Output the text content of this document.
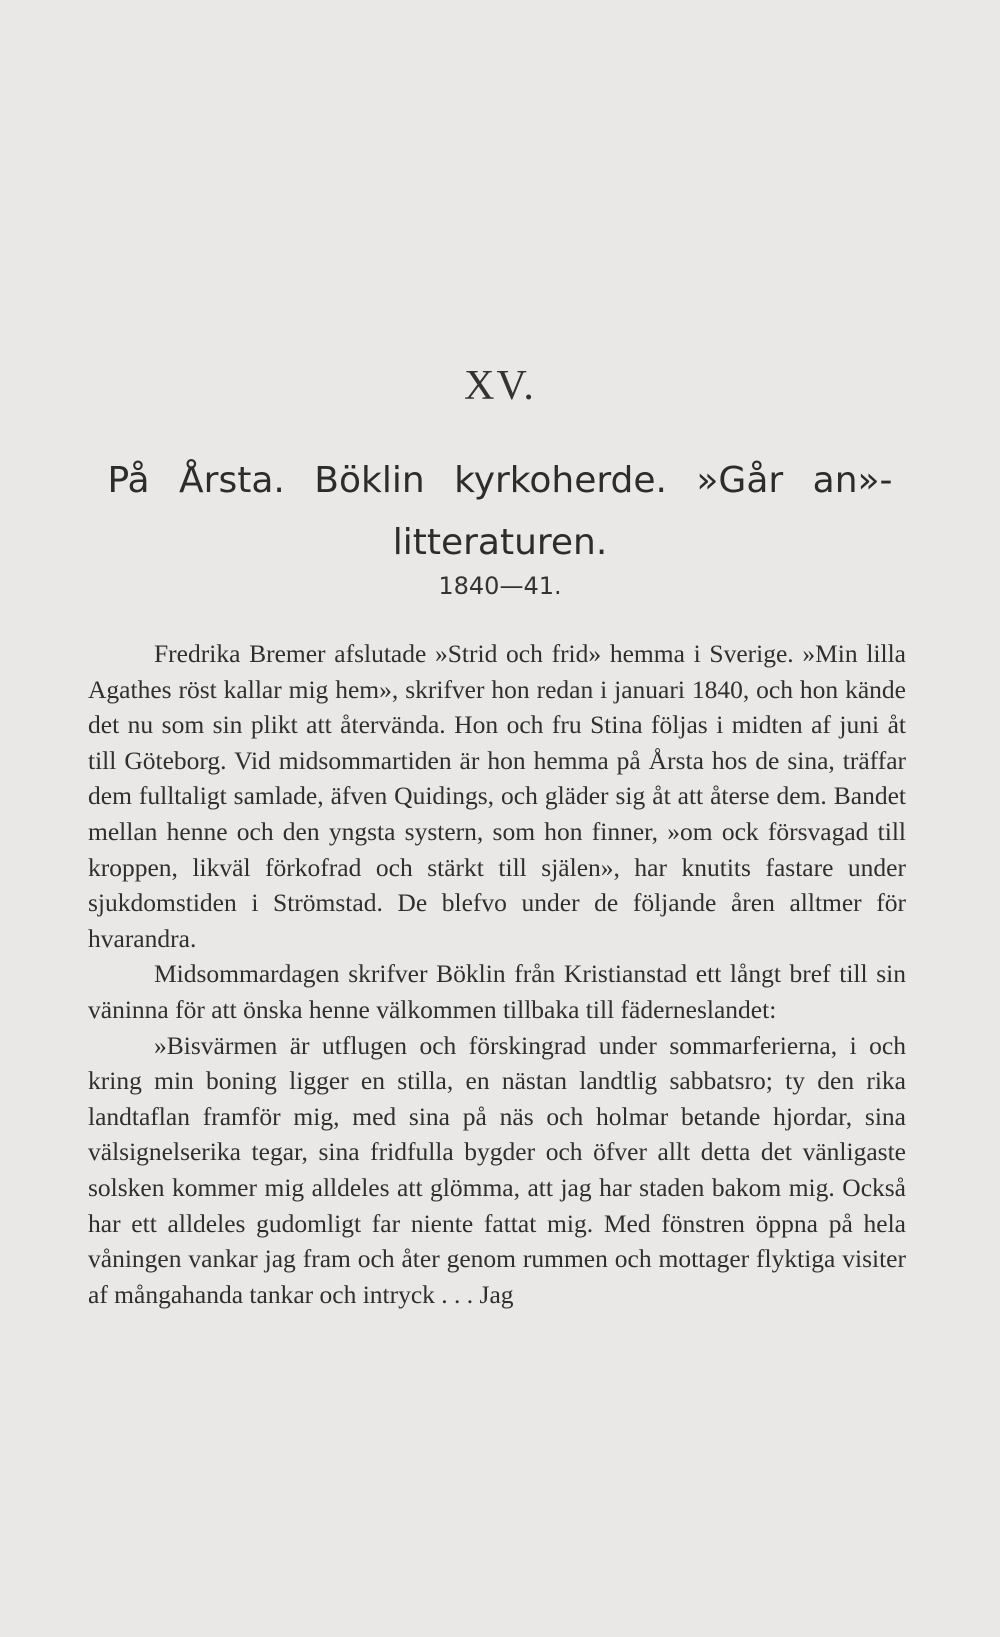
XV.
På Årsta. Böklin kyrkoherde. »Går an»-litteraturen.
1840—41.

Fredrika Bremer afslutade »Strid och frid» hemma i Sverige. »Min lilla Agathes röst kallar mig hem», skrifver hon redan i januari 1840, och hon kände det nu som sin plikt att återvända. Hon och fru Stina följas i midten af juni åt till Göteborg. Vid midsommartiden är hon hemma på Årsta hos de sina, träffar dem fulltaligt samlade, äfven Quidings, och gläder sig åt att återse dem. Bandet mellan henne och den yngsta systern, som hon finner, »om ock försvagad till kroppen, likväl förkofrad och stärkt till själen», har knutits fastare under sjukdomstiden i Strömstad. De blefvo under de följande åren alltmer för hvarandra.

Midsommardagen skrifver Böklin från Kristianstad ett långt bref till sin väninna för att önska henne välkommen tillbaka till fäderneslandet:

»Bisvärmen är utflugen och förskingrad under sommarferierna, i och kring min boning ligger en stilla, en nästan landtlig sabbatsro; ty den rika landtaflan framför mig, med sina på näs och holmar betande hjordar, sina välsignelserika tegar, sina fridfulla bygder och öfver allt detta det vänligaste solsken kommer mig alldeles att glömma, att jag har staden bakom mig. Också har ett alldeles gudomligt far niente fattat mig. Med fönstren öppna på hela våningen vankar jag fram och åter genom rummen och mottager flyktiga visiter af mångahanda tankar och intryck . . . Jag
